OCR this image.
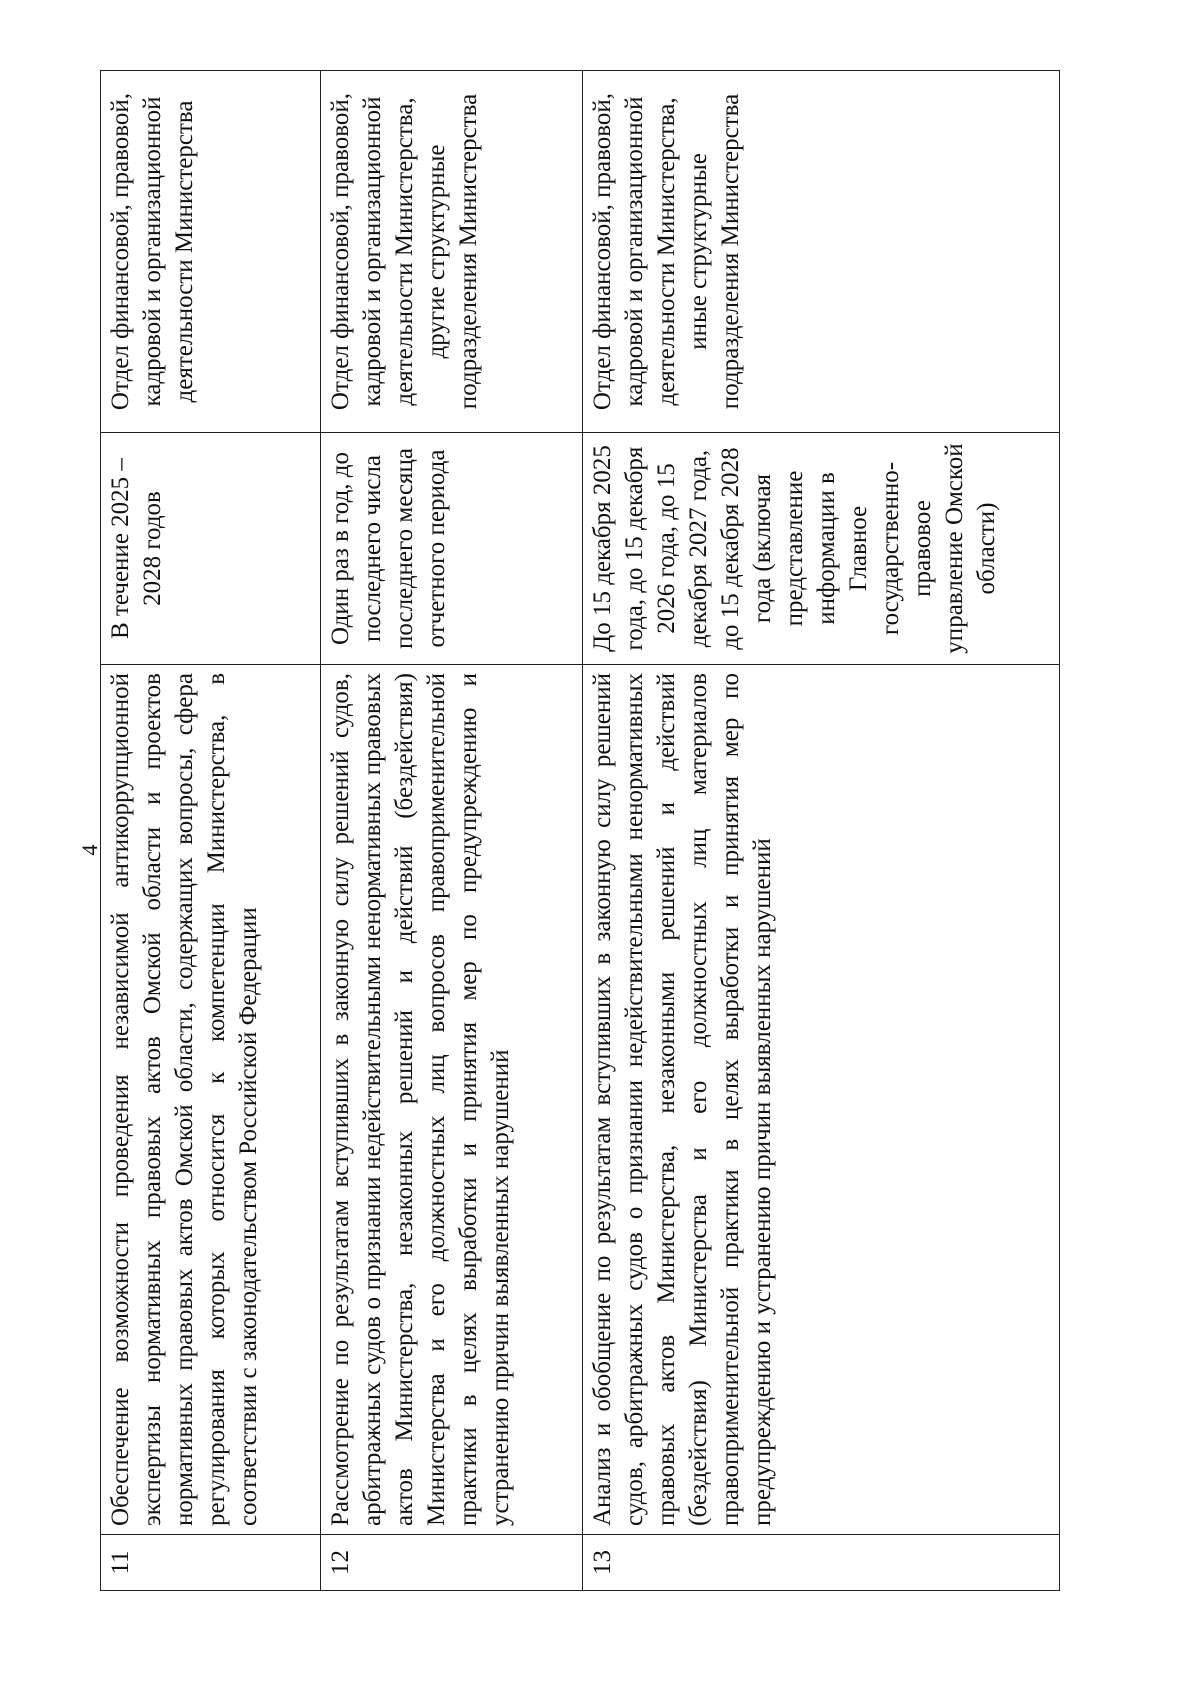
4
11	Обеспечение возможности проведения независимой антикоррупционной экспертизы нормативных правовых актов Омской области и проектов нормативных правовых актов Омской области, содержащих вопросы, сфера регулирования которых относится к компетенции Министерства, в соответствии с законодательством Российской Федерации	В течение 2025 –2028 годов	Отдел финансовой, правовой, кадровой и организационной деятельности Министерства
12	Рассмотрение по результатам вступивших в законную силу решений судов, арбитражных судов о признании недействительными ненормативных правовых актов Министерства, незаконных решений и действий (бездействия) Министерства и его должностных лиц вопросов правоприменительной практики в целях выработки и принятия мер по предупреждению и устранению причин выявленных нарушений	Один раз в год, до последнего числа последнего месяца отчетного периода	Отдел финансовой, правовой, кадровой и организационной деятельности Министерства, другие структурные подразделения Министерства
13	Анализ и обобщение по результатам вступивших в законную силу решений судов, арбитражных судов о признании недействительными ненормативных правовых актов Министерства, незаконными решений и действий (бездействия) Министерства и его должностных лиц материалов правоприменительной практики в целях выработки и принятия мер по предупреждению и устранению причин выявленных нарушений	До 15 декабря 2025 года, до 15 декабря 2026 года, до 15 декабря 2027 года, до 15 декабря 2028 года (включая представление информации в Главное государственно-правовое управление Омской области)	Отдел финансовой, правовой, кадровой и организационной деятельности Министерства, иные структурные подразделения Министерства
